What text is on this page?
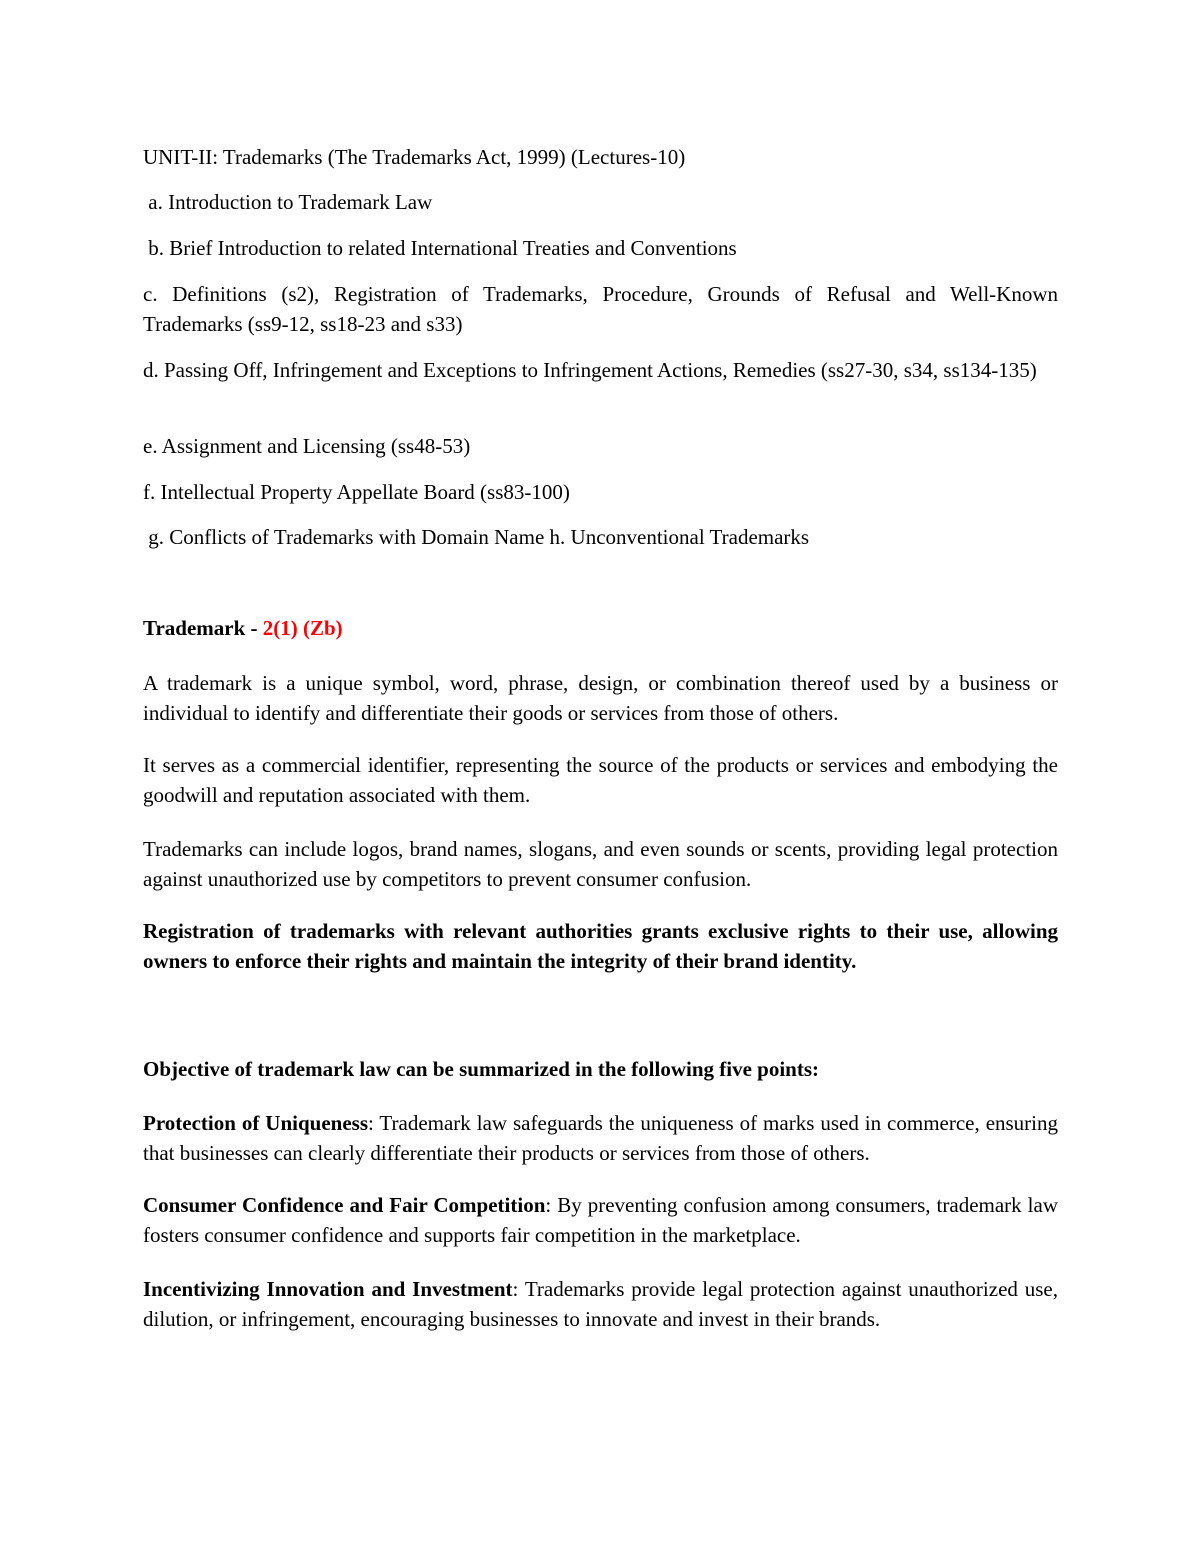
UNIT-II: Trademarks (The Trademarks Act, 1999) (Lectures-10)

a. Introduction to Trademark Law

b. Brief Introduction to related International Treaties and Conventions

c. Definitions (s2), Registration of Trademarks, Procedure, Grounds of Refusal and Well-Known Trademarks (ss9-12, ss18-23 and s33)

d. Passing Off, Infringement and Exceptions to Infringement Actions, Remedies (ss27-30, s34, ss134-135)

e. Assignment and Licensing (ss48-53)

f. Intellectual Property Appellate Board (ss83-100)

g. Conflicts of Trademarks with Domain Name h. Unconventional Trademarks

Trademark - 2(1) (Zb)

A trademark is a unique symbol, word, phrase, design, or combination thereof used by a business or individual to identify and differentiate their goods or services from those of others.

It serves as a commercial identifier, representing the source of the products or services and embodying the goodwill and reputation associated with them.

Trademarks can include logos, brand names, slogans, and even sounds or scents, providing legal protection against unauthorized use by competitors to prevent consumer confusion.

Registration of trademarks with relevant authorities grants exclusive rights to their use, allowing owners to enforce their rights and maintain the integrity of their brand identity.

Objective of trademark law can be summarized in the following five points:

Protection of Uniqueness: Trademark law safeguards the uniqueness of marks used in commerce, ensuring that businesses can clearly differentiate their products or services from those of others.

Consumer Confidence and Fair Competition: By preventing confusion among consumers, trademark law fosters consumer confidence and supports fair competition in the marketplace.

Incentivizing Innovation and Investment: Trademarks provide legal protection against unauthorized use, dilution, or infringement, encouraging businesses to innovate and invest in their brands.
